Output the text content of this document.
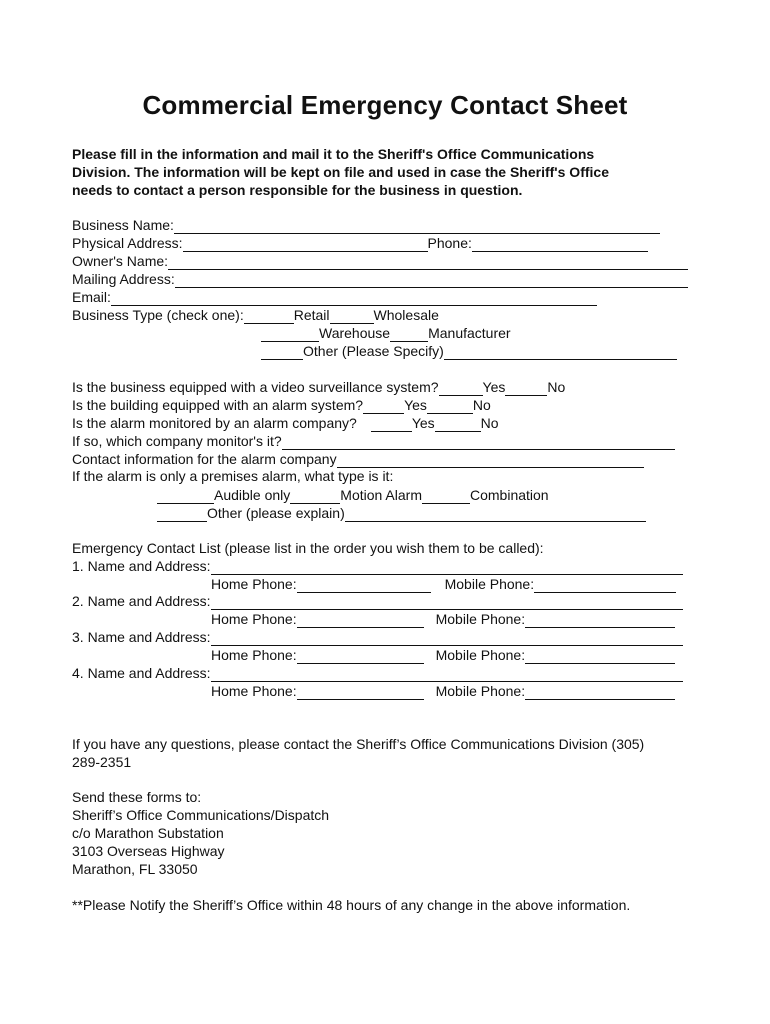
Commercial Emergency Contact Sheet
Please fill in the information and mail it to the Sheriff's Office Communications
Division. The information will be kept on file and used in case the Sheriff's Office
needs to contact a person responsible for the business in question.
Business Name:
Physical Address:	Phone:
Owner's Name:
Mailing Address:
Email:
Business Type (check one):	Retail	Wholesale
Warehouse	Manufacturer
Other (Please Specify)
Is the business equipped with a video surveillance system?	Yes	No
Is the building equipped with an alarm system?	Yes	No
Is the alarm monitored by an alarm company?	Yes	No
If so, which company monitor's it?
Contact information for the alarm company
If the alarm is only a premises alarm, what type is it:
Audible only	Motion Alarm	Combination
Other (please explain)
Emergency Contact List (please list in the order you wish them to be called):
1. Name and Address:
Home Phone:	Mobile Phone:
2. Name and Address:
Home Phone:	Mobile Phone:
3. Name and Address:
Home Phone:	Mobile Phone:
4. Name and Address:
Home Phone:	Mobile Phone:
If you have any questions, please contact the Sheriff’s Office Communications Division (305)
289-2351
Send these forms to:
Sheriff’s Office Communications/Dispatch
c/o Marathon Substation
3103 Overseas Highway
Marathon, FL 33050
**Please Notify the Sheriff’s Office within 48 hours of any change in the above information.
